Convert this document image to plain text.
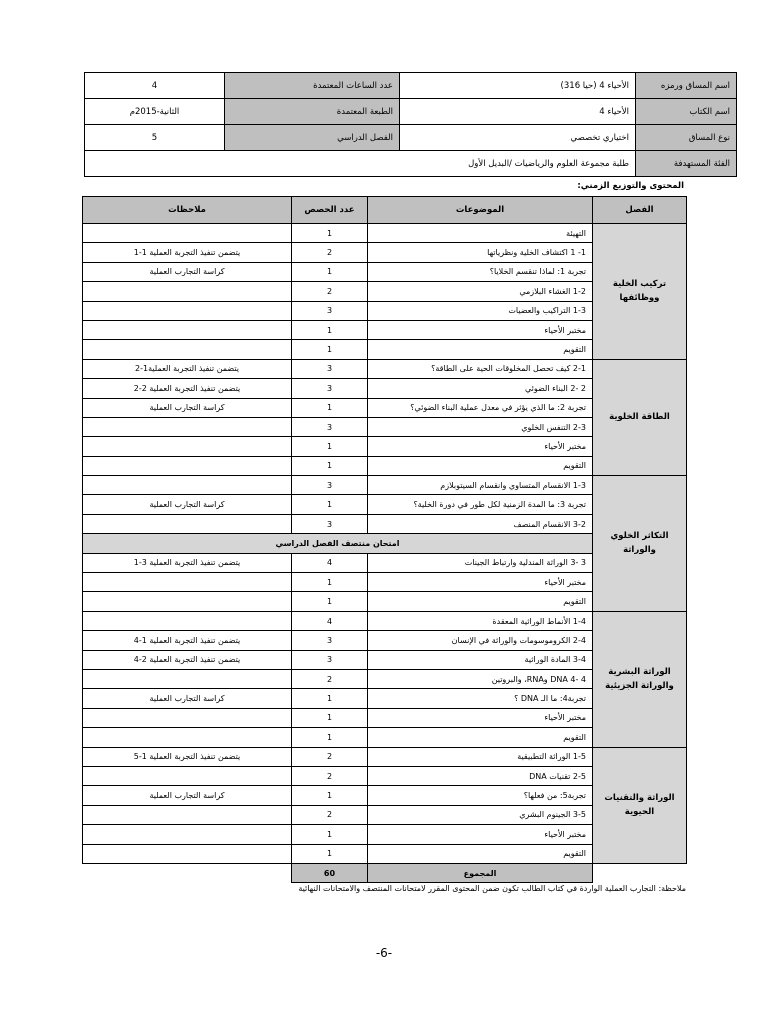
اسم المساق ورمزه	الأحياء 4 (حيا 316)	عدد الساعات المعتمدة	4
اسم الكتاب	الأحياء 4	الطبعة المعتمدة	الثانية-2015م
نوع المساق	اختياري تخصصي	الفصل الدراسي	5
الفئة المستهدفة	طلبة مجموعة العلوم والرياضيات /البديل الأول		
المحتوى والتوزيع الزمني:
الفصل	الموضوعات	عدد الحصص	ملاحظات
تركيب الخلية ووظائفها	التهيئة	1	
	1- 1 اكتشاف الخلية ونظرياتها	2	يتضمن تنفيذ التجربة العملية 1-1
	تجربة 1: لماذا تنقسم الخلايا؟	1	كراسة التجارب العملية
	1-2 الغشاء البلازمي	2	
	1-3 التراكيب والعضيات	3	
	مختبر الأحياء	1	
	التقويم	1	
الطاقة الخلوية	2-1 كيف تحصل المخلوقات الحية على الطاقة؟	3	يتضمن تنفيذ التجربة العملية1-2
	2 -2 البناء الضوئي	3	يتضمن تنفيذ التجربة العملية 2-2
	تجربة 2: ما الذي يؤثر في معدل عملية البناء الضوئي؟	1	كراسة التجارب العملية
	2-3 التنفس الخلوي	3	
	مختبر الأحياء	1	
	التقويم	1	
التكاثر الخلوي والوراثة	1-3 الانقسام المتساوي وانقسام السيتوبلازم	3	
	تجربة 3: ما المدة الزمنية لكل طور في دورة الخلية؟	1	كراسة التجارب العملية
	3-2 الانقسام المنصف	3	
	امتحان منتصف الفصل الدراسي		
	3 -3 الوراثة المندلية وارتباط الجينات	4	يتضمن تنفيذ التجربة العملية 3-1
	مختبر الأحياء	1	
	التقويم	1	
الوراثة البشرية والوراثة الجزيئية	1-4 الأنماط الوراثية المعقدة	4	
	2-4 الكروموسومات والوراثة في الإنسان	3	يتضمن تنفيذ التجربة العملية 1-4
	3-4 المادة الوراثية	3	يتضمن تنفيذ التجربة العملية 2-4
	4 -4 DNA وRNA، والبروتين	2	
	تجربة4: ما الـ DNA ؟	1	كراسة التجارب العملية
	مختبر الأحياء	1	
	التقويم	1	
الوراثة والتقنيات الحيوية	1-5 الوراثة التطبيقية	2	يتضمن تنفيذ التجربة العملية 1-5
	2-5 تقنيات DNA	2	
	تجربة5: من فعلها؟	1	كراسة التجارب العملية
	3-5 الجينوم البشري	2	
	مختبر الأحياء	1	
	التقويم	1	
	المجموع	60	
ملاحظة: التجارب العملية الواردة في كتاب الطالب تكون ضمن المحتوى المقرر لامتحانات المنتصف والامتحانات النهائية
-6-
